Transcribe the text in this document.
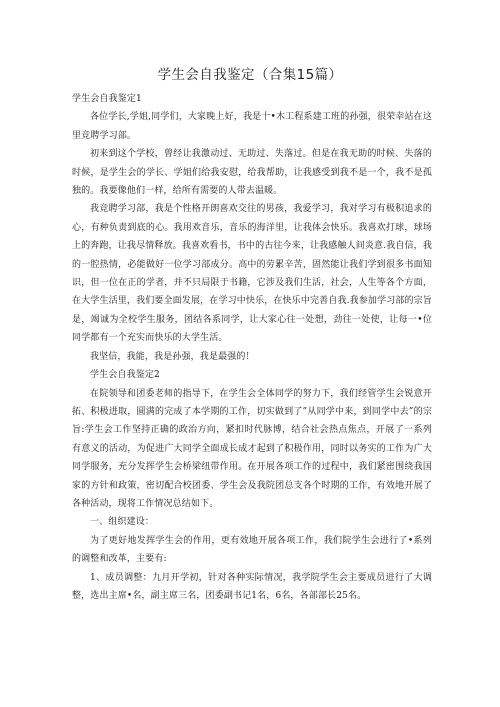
学生会自我鉴定（合集15篇）

学生会自我鉴定1

各位学长,学姐,同学们，大家晚上好，我是十•木工程系建工班的孙强，很荣幸站在这里竞聘学习部。

初来到这个学校，曾经让我激动过、无助过、失落过。但是在我无助的时候、失落的时候，是学生会的学长、学姐们给我安慰，给我帮助，让我感受到我不是一个，我不是孤独的。我要像他们一样，给所有需要的人带去温暖。

我竞聘学习部，我是个性格开朗喜欢交往的男孩，我爱学习，我对学习有极积追求的心，有种负责到底的心。我用欢音乐，音乐的海洋里，让我体会快乐。我喜欢打球，球场上的奔跑，让我尽情释放。我喜欢看书，书中的古往今来，让我感触人间炎意.我自信，我的一腔热情，必能做好一位学习部成分。高中的劳累辛苦，固然能让我们学到很多书面知识，但一位在正的学者，并不只局限于书籍，它涉及我们生活，社会，人生等各个方面，在大学生活里，我们要全面发展，在学习中快乐，在快乐中完善自我.我参加学习部的宗旨是，竭诚为全校学生服务，团结各系同学，让大家心往一处想，劲往一处使，让每一•位同学都有一个充实而快乐的大学生活。

我坚信，我能，我是孙强，我是最强的！

学生会自我鉴定2

在院领导和团委老师的指导下，在学生会全体同学的努力下，我们经管学生会锐意开拓、积极进取，圆满的完成了本学期的工作，切实做到了”从同学中来，到同学中去”的宗旨:学生会工作坚持正确的政治方向，紧扣时代脉博，结合社会热点焦点，开展了一系列有意义的活动，为促进广大同学全面成长成才起到了积极作用，同时以务实的工作为广大同学服务，充分发挥学生会桥梁纽带作用。在开展各项工作的过程中，我们紧密围绕我国家的方针和政策，密切配合校团委、学生会及我院团总支各个时期的工作，有效地开展了各种活动，现将工作情况总结如下。

一、组织建设：

为了更好地发挥学生会的作用，更有效地开展各项工作，我们院学生会进行了•系列的调整和改革，主要有:

1、成员调整：九月开学初，针对各种实际情况，我学院学生会主要成员进行了大调整，选出主席•名，副主席三名，团委副书记1名，6名，各部部长25名。
